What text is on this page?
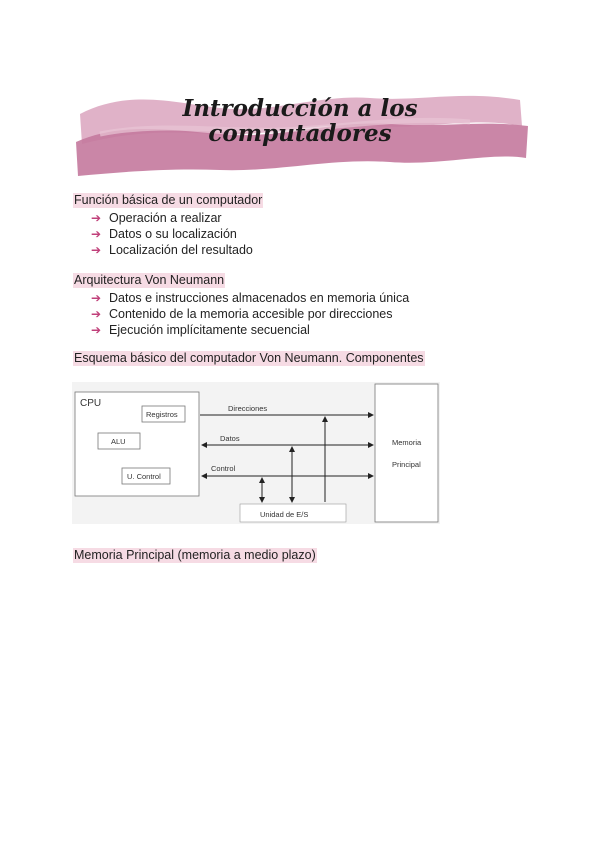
Introducción a los
computadores
Función básica de un computador
➔ Operación a realizar
➔ Datos o su localización
➔ Localización del resultado
Arquitectura Von Neumann
➔ Datos e instrucciones almacenados en memoria única
➔ Contenido de la memoria accesible por direcciones
➔ Ejecución implícitamente secuencial
Esquema básico del computador Von Neumann. Componentes
CPU
Registros
ALU
U. Control
Direcciones
Datos
Control
Memoria
Principal
Unidad de E/S
Memoria Principal (memoria a medio plazo)
